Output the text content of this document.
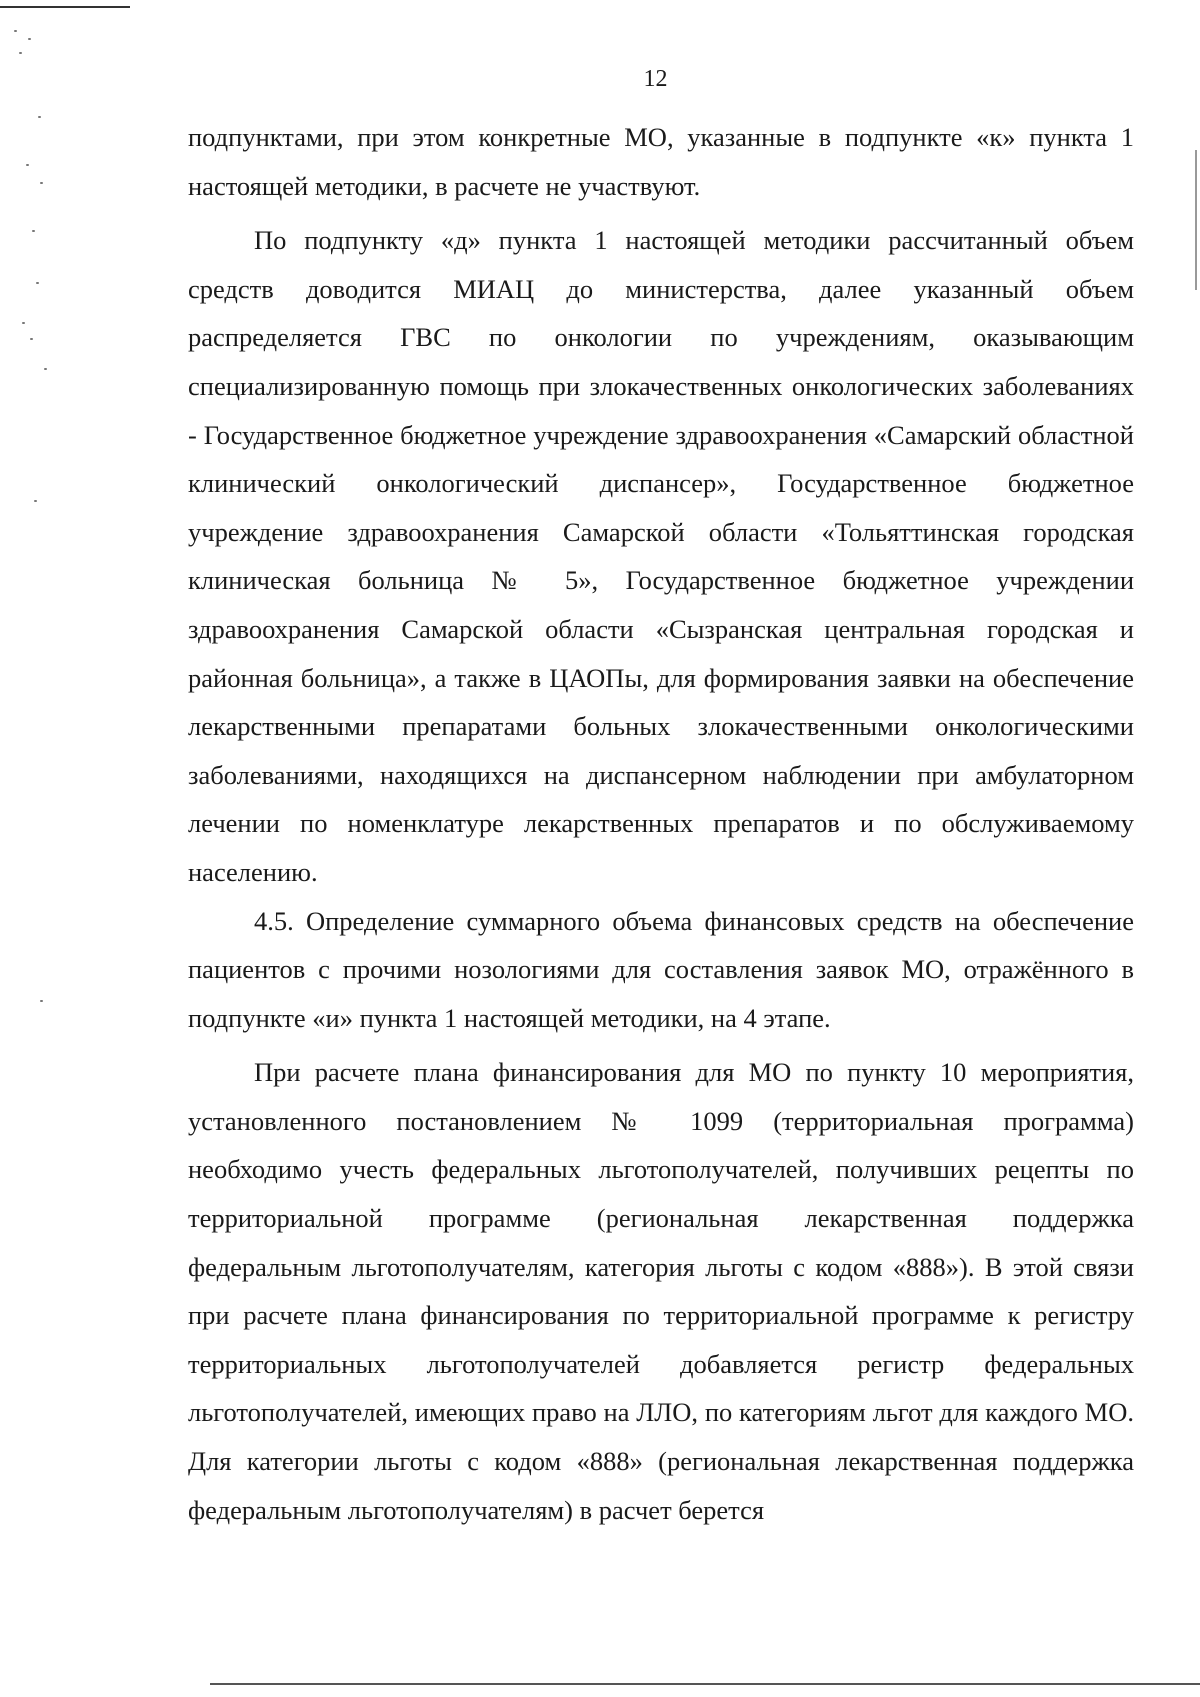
12

подпунктами, при этом конкретные МО, указанные в подпункте «к» пункта 1 настоящей методики, в расчете не участвуют.

По подпункту «д» пункта 1 настоящей методики рассчитанный объем средств доводится МИАЦ до министерства, далее указанный объем распределяется ГВС по онкологии по учреждениям, оказывающим специализированную помощь при злокачественных онкологических заболеваниях - Государственное бюджетное учреждение здравоохранения «Самарский областной клинический онкологический диспансер», Государственное бюджетное учреждение здравоохранения Самарской области «Тольяттинская городская клиническая больница № 5», Государственное бюджетное учреждении здравоохранения Самарской области «Сызранская центральная городская и районная больница», а также в ЦАОПы, для формирования заявки на обеспечение лекарственными препаратами больных злокачественными онкологическими заболеваниями, находящихся на диспансерном наблюдении при амбулаторном лечении по номенклатуре лекарственных препаратов и по обслуживаемому населению.

4.5. Определение суммарного объема финансовых средств на обеспечение пациентов с прочими нозологиями для составления заявок МО, отражённого в подпункте «и» пункта 1 настоящей методики, на 4 этапе.

При расчете плана финансирования для МО по пункту 10 мероприятия, установленного постановлением № 1099 (территориальная программа) необходимо учесть федеральных льготополучателей, получивших рецепты по территориальной программе (региональная лекарственная поддержка федеральным льготополучателям, категория льготы с кодом «888»). В этой связи при расчете плана финансирования по территориальной программе к регистру территориальных льготополучателей добавляется регистр федеральных льготополучателей, имеющих право на ЛЛО, по категориям льгот для каждого МО. Для категории льготы с кодом «888» (региональная лекарственная поддержка федеральным льготополучателям) в расчет берется
